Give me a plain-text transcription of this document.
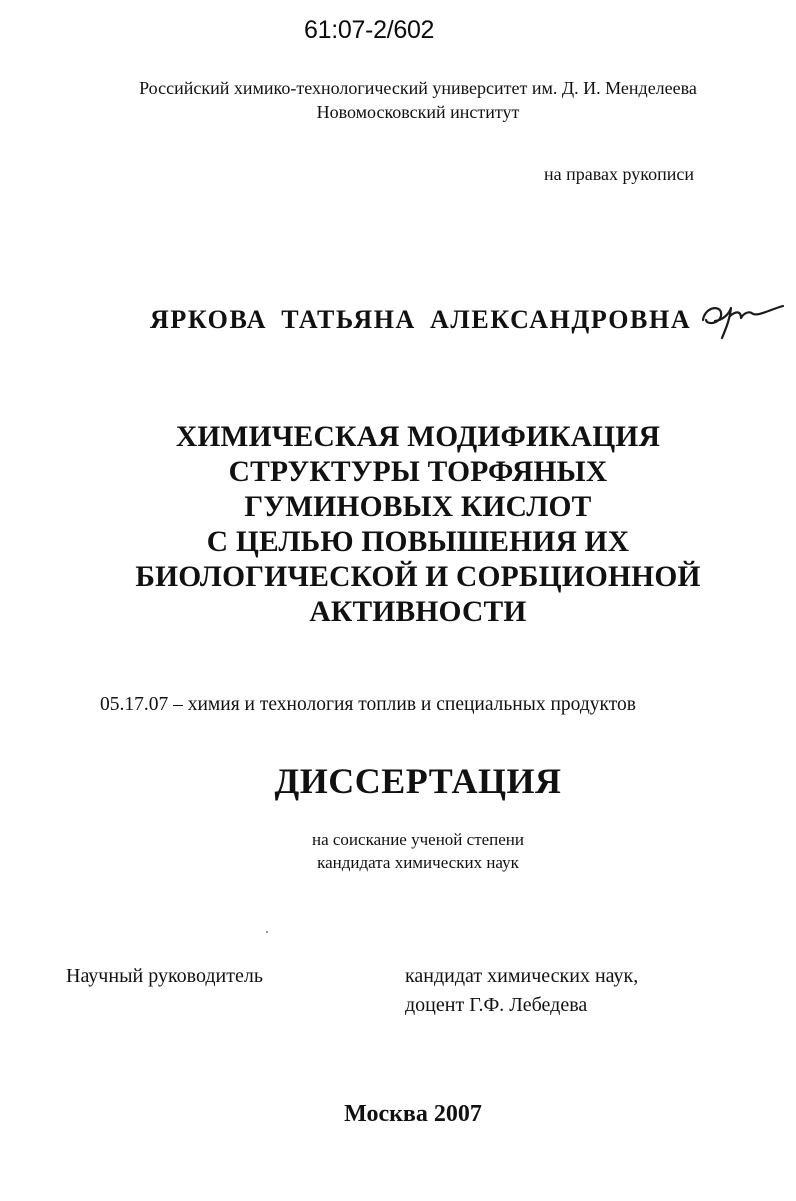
61:07-2/602
Российский химико-технологический университет им. Д. И. Менделеева
Новомосковский институт
на правах рукописи
ЯРКОВА ТАТЬЯНА АЛЕКСАНДРОВНА
ХИМИЧЕСКАЯ МОДИФИКАЦИЯ
СТРУКТУРЫ ТОРФЯНЫХ
ГУМИНОВЫХ КИСЛОТ
С ЦЕЛЬЮ ПОВЫШЕНИЯ ИХ
БИОЛОГИЧЕСКОЙ И СОРБЦИОННОЙ
АКТИВНОСТИ
05.17.07 – химия и технология топлив и специальных продуктов
ДИССЕРТАЦИЯ
на соискание ученой степени
кандидата химических наук
Научный руководитель	кандидат химических наук,
доцент Г.Ф. Лебедева
Москва 2007
